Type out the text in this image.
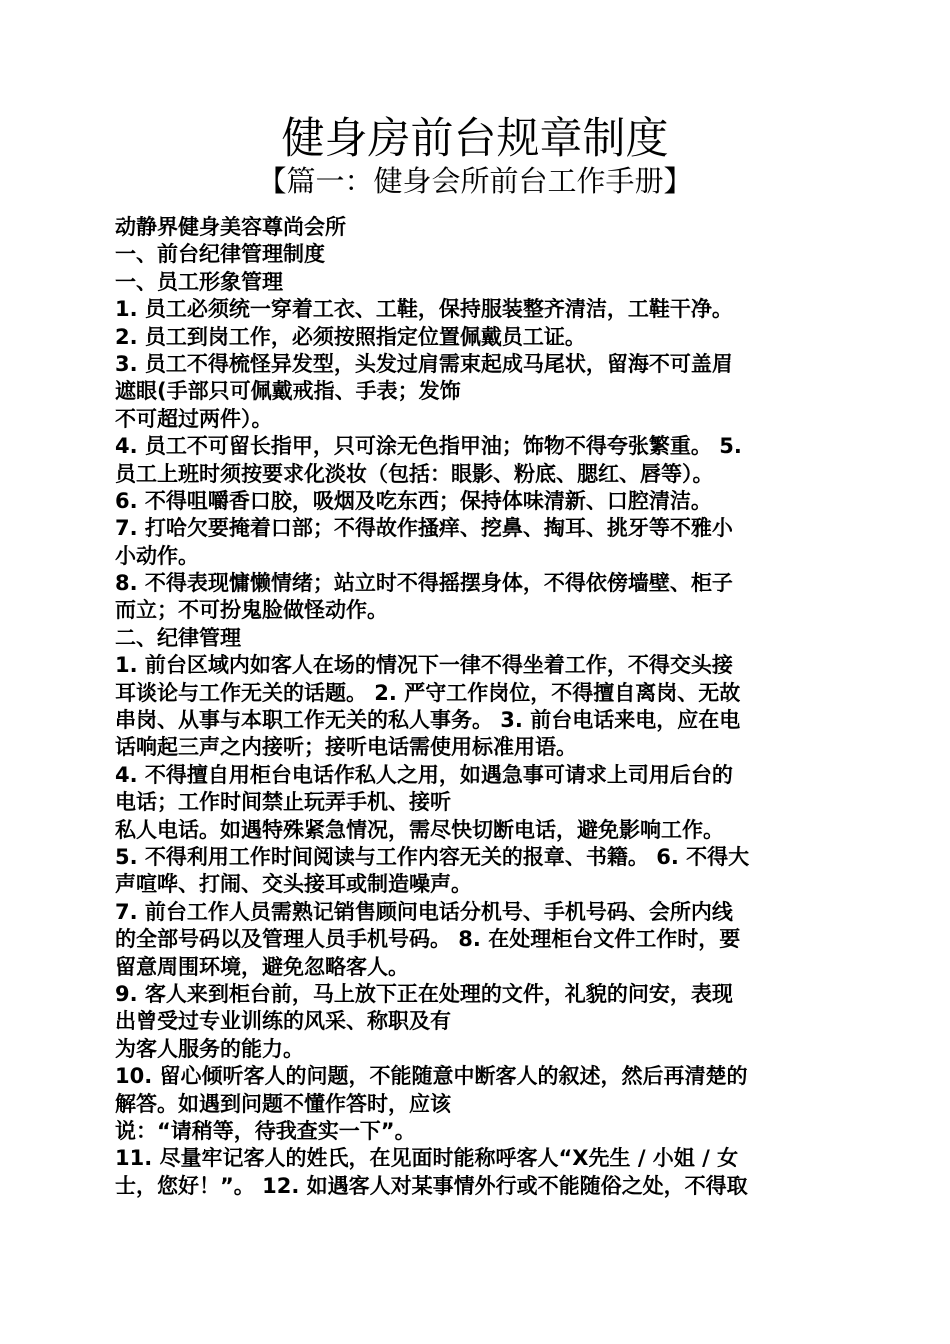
健身房前台规章制度
【篇一：健身会所前台工作手册】
动静界健身美容尊尚会所
一、前台纪律管理制度
一、员工形象管理
1. 员工必须统一穿着工衣、工鞋，保持服装整齐清洁，工鞋干净。
2. 员工到岗工作，必须按照指定位置佩戴员工证。
3. 员工不得梳怪异发型，头发过肩需束起成马尾状，留海不可盖眉
遮眼(手部只可佩戴戒指、手表；发饰
不可超过两件）。
4. 员工不可留长指甲，只可涂无色指甲油；饰物不得夸张繁重。 5.
员工上班时须按要求化淡妆（包括：眼影、粉底、腮红、唇等）。
6. 不得咀嚼香口胶，吸烟及吃东西；保持体味清新、口腔清洁。
7. 打哈欠要掩着口部；不得故作搔痒、挖鼻、掏耳、挑牙等不雅小
小动作。
8. 不得表现慵懒情绪；站立时不得摇摆身体，不得依傍墙壁、柜子
而立；不可扮鬼脸做怪动作。
二、纪律管理
1. 前台区域内如客人在场的情况下一律不得坐着工作，不得交头接
耳谈论与工作无关的话题。 2. 严守工作岗位，不得擅自离岗、无故
串岗、从事与本职工作无关的私人事务。 3. 前台电话来电，应在电
话响起三声之内接听；接听电话需使用标准用语。
4. 不得擅自用柜台电话作私人之用，如遇急事可请求上司用后台的
电话；工作时间禁止玩弄手机、接听
私人电话。如遇特殊紧急情况，需尽快切断电话，避免影响工作。
5. 不得利用工作时间阅读与工作内容无关的报章、书籍。 6. 不得大
声喧哗、打闹、交头接耳或制造噪声。
7. 前台工作人员需熟记销售顾问电话分机号、手机号码、会所内线
的全部号码以及管理人员手机号码。 8. 在处理柜台文件工作时，要
留意周围环境，避免忽略客人。
9. 客人来到柜台前，马上放下正在处理的文件，礼貌的问安，表现
出曾受过专业训练的风采、称职及有
为客人服务的能力。
10. 留心倾听客人的问题，不能随意中断客人的叙述，然后再清楚的
解答。如遇到问题不懂作答时，应该
说：“请稍等，待我查实一下”。
11. 尽量牢记客人的姓氏，在见面时能称呼客人“X先生 / 小姐 / 女
士，您好！”。 12. 如遇客人对某事情外行或不能随俗之处，不得取
